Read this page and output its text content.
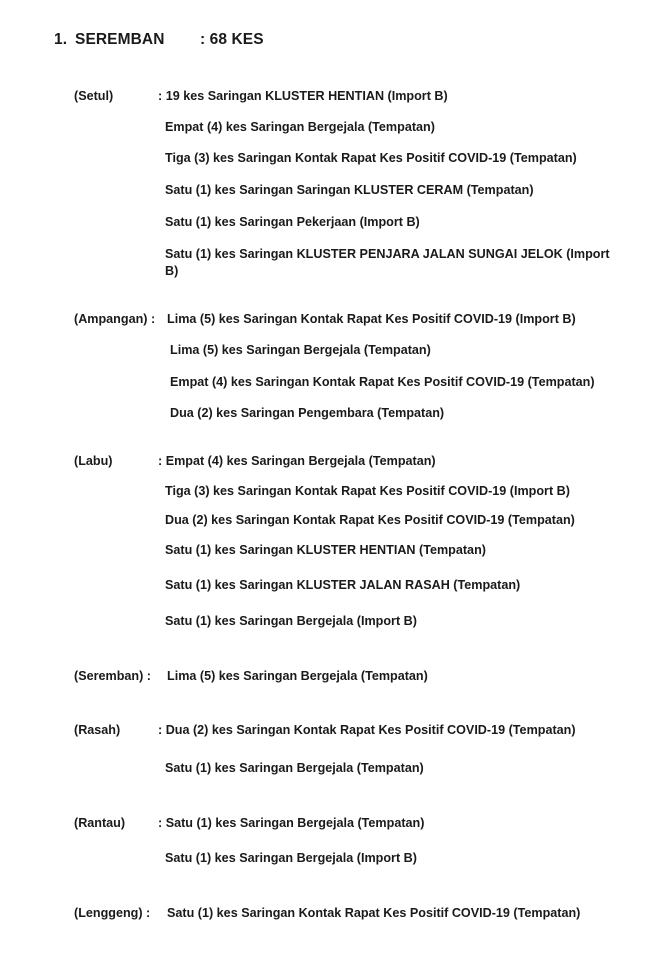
1. SEREMBAN : 68 KES
(Setul)	: 19 kes Saringan KLUSTER HENTIAN (Import B)
Empat (4) kes Saringan Bergejala (Tempatan)
Tiga (3) kes Saringan Kontak Rapat Kes Positif COVID-19 (Tempatan)
Satu (1) kes Saringan Saringan KLUSTER CERAM (Tempatan)
Satu (1) kes Saringan Pekerjaan (Import B)
Satu (1) kes Saringan KLUSTER PENJARA JALAN SUNGAI JELOK (Import B)
(Ampangan) : Lima (5) kes Saringan Kontak Rapat Kes Positif COVID-19 (Import B)
Lima (5) kes Saringan Bergejala (Tempatan)
Empat (4) kes Saringan Kontak Rapat Kes Positif COVID-19 (Tempatan)
Dua (2) kes Saringan Pengembara (Tempatan)
(Labu)	: Empat (4) kes Saringan Bergejala (Tempatan)
Tiga (3) kes Saringan Kontak Rapat Kes Positif COVID-19 (Import B)
Dua (2) kes Saringan Kontak Rapat Kes Positif COVID-19 (Tempatan)
Satu (1) kes Saringan KLUSTER HENTIAN (Tempatan)
Satu (1) kes Saringan KLUSTER JALAN RASAH (Tempatan)
Satu (1) kes Saringan Bergejala (Import B)
(Seremban) : Lima (5) kes Saringan Bergejala (Tempatan)
(Rasah)	: Dua (2) kes Saringan Kontak Rapat Kes Positif COVID-19 (Tempatan)
Satu (1) kes Saringan Bergejala (Tempatan)
(Rantau)	: Satu (1) kes Saringan Bergejala (Tempatan)
Satu (1) kes Saringan Bergejala (Import B)
(Lenggeng) : Satu (1) kes Saringan Kontak Rapat Kes Positif COVID-19 (Tempatan)
